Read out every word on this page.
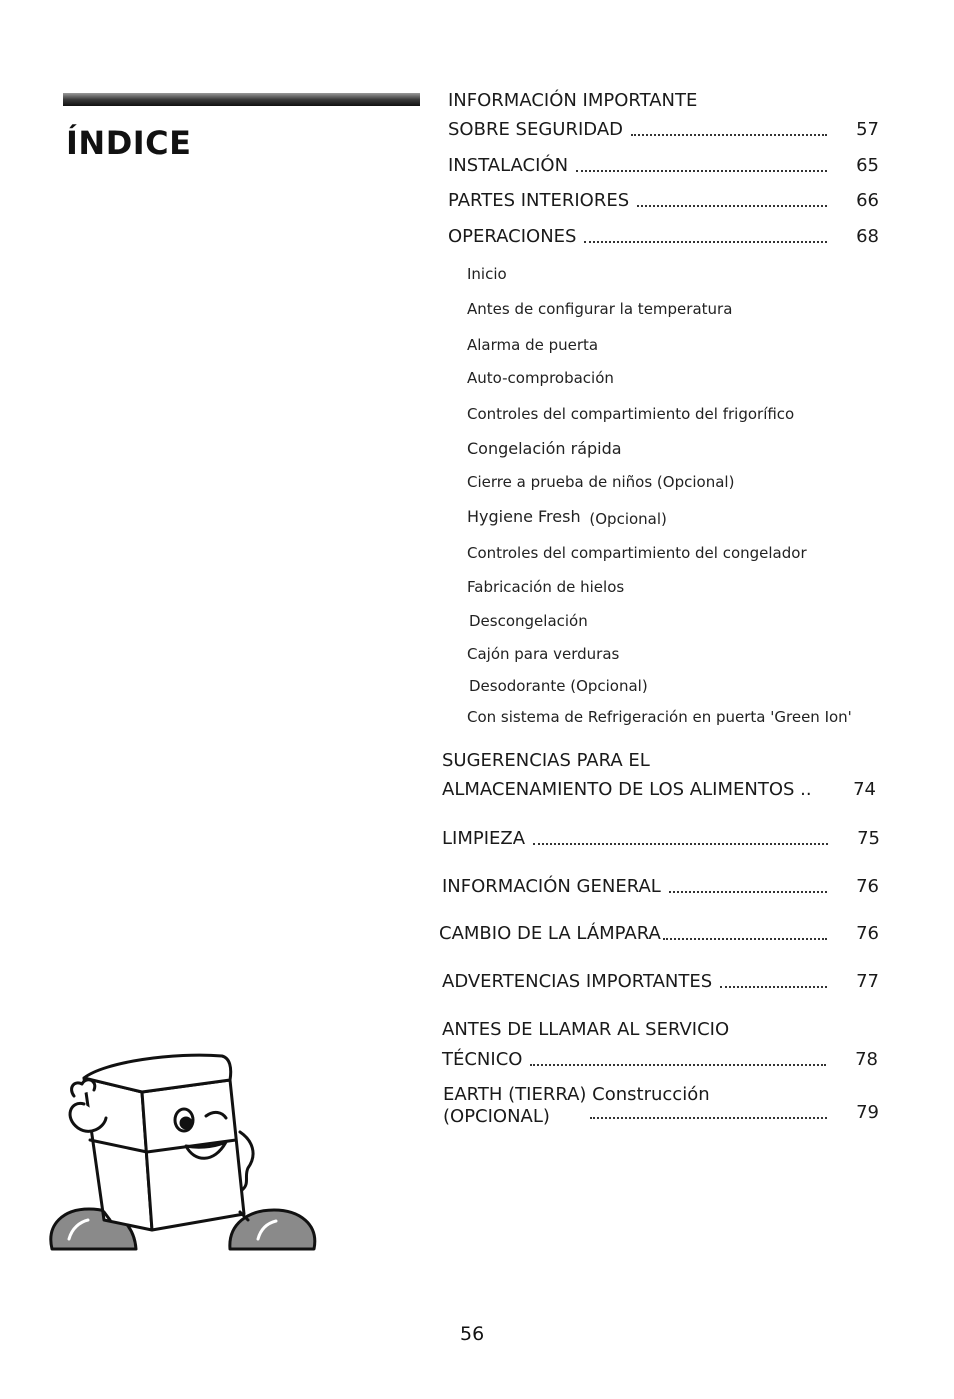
ÍNDICE
INFORMACIÓN IMPORTANTE
SOBRE SEGURIDAD	57
INSTALACIÓN	65
PARTES INTERIORES	66
OPERACIONES	68
Inicio
Antes de configurar la temperatura
Alarma de puerta
Auto-comprobación
Controles del compartimiento del frigorífico
Congelación rápida
Cierre a prueba de niños (Opcional)
Hygiene Fresh (Opcional)
Controles del compartimiento del congelador
Fabricación de hielos
Descongelación
Cajón para verduras
Desodorante (Opcional)
Con sistema de Refrigeración en puerta 'Green Ion'
SUGERENCIAS PARA EL
ALMACENAMIENTO DE LOS ALIMENTOS ..	74
LIMPIEZA	75
INFORMACIÓN GENERAL	76
CAMBIO DE LA LÁMPARA	76
ADVERTENCIAS IMPORTANTES	77
ANTES DE LLAMAR AL SERVICIO
TÉCNICO	78
EARTH (TIERRA) Construcción
(OPCIONAL)	79
56
